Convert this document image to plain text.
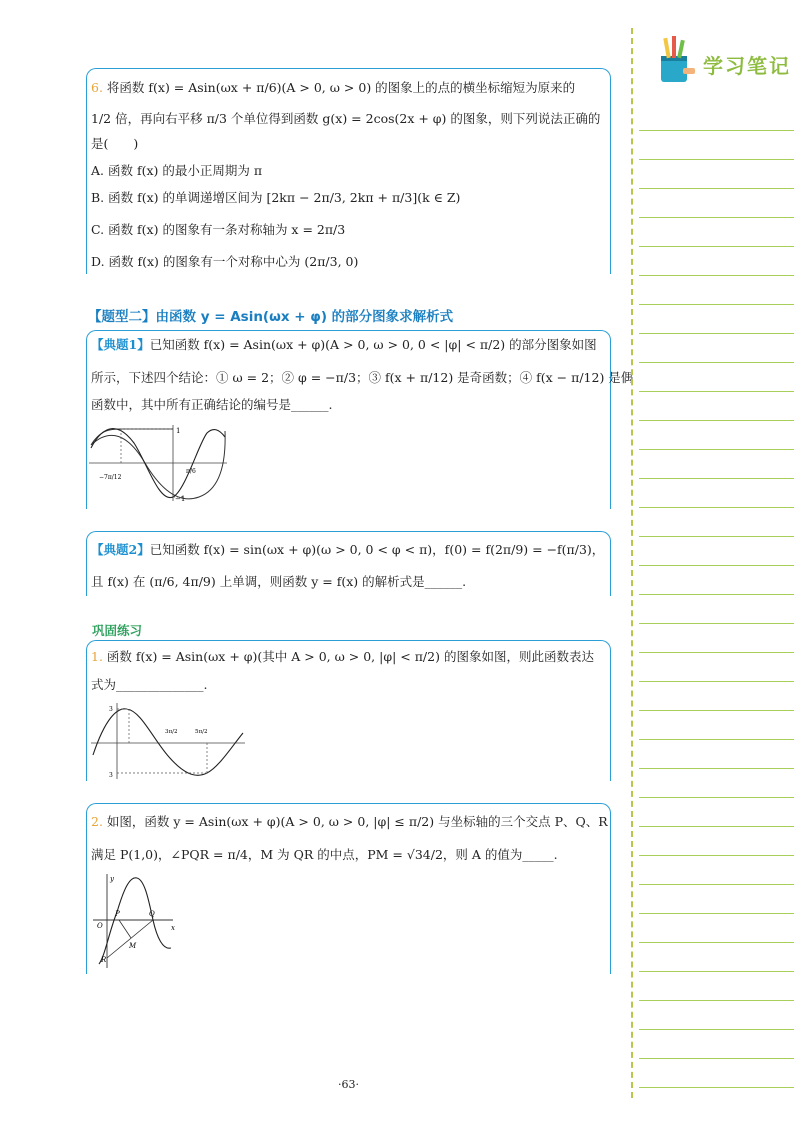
6. 将函数 f(x) = Asin(ωx + π/6)(A > 0, ω > 0) 的图象上的点的横坐标缩短为原来的
1/2 倍，再向右平移 π/3 个单位得到函数 g(x) = 2cos(2x + φ) 的图象，则下列说法正确的
是(　　)
A. 函数 f(x) 的最小正周期为 π
B. 函数 f(x) 的单调递增区间为 [2kπ − 2π/3, 2kπ + π/3](k ∈ Z)
C. 函数 f(x) 的图象有一条对称轴为 x = 2π/3
D. 函数 f(x) 的图象有一个对称中心为 (2π/3, 0)
【题型二】由函数 y = Asin(ωx + φ) 的部分图象求解析式
【典题1】已知函数 f(x) = Asin(ωx + φ)(A > 0, ω > 0, 0 < |φ| < π/2) 的部分图象如图
所示，下述四个结论：① ω = 2；② φ = −π/3；③ f(x + π/12) 是奇函数；④ f(x − π/12) 是偶
函数中，其中所有正确结论的编号是______.
1
−1
−7π/12
π/6
【典题2】已知函数 f(x) = sin(ωx + φ)(ω > 0, 0 < φ < π)，f(0) = f(2π/9) = −f(π/3)，
且 f(x) 在 (π/6, 4π/9) 上单调，则函数 y = f(x) 的解析式是______.
巩固练习
1. 函数 f(x) = Asin(ωx + φ)(其中 A > 0, ω > 0, |φ| < π/2) 的图象如图，则此函数表达
式为______________.
3
3
3π/2	5π/2
2. 如图，函数 y = Asin(ωx + φ)(A > 0, ω > 0, |φ| ≤ π/2) 与坐标轴的三个交点 P、Q、R
满足 P(1,0)，∠PQR = π/4，M 为 QR 的中点，PM = √34/2，则 A 的值为_____.
y
x
O
P	Q
M
R
·63·
学习笔记
